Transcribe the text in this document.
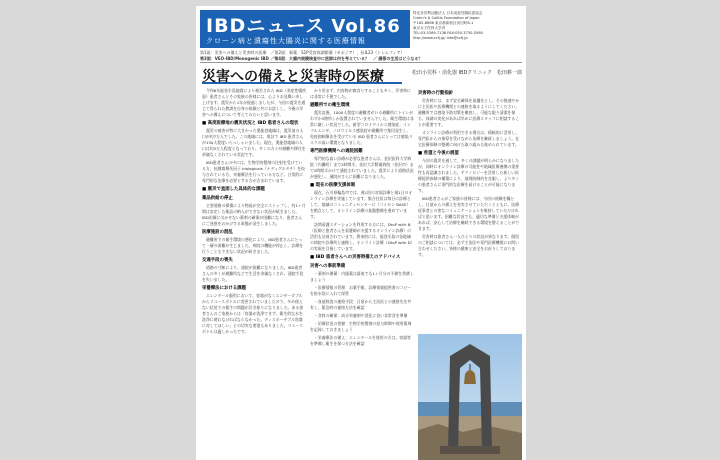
IBDニュース Vol.86
クローン病と潰瘍性大腸炎に関する医療情報
特定非営利活動法人 日本炎症性腸疾患協会
Crohn's & Colitis Foundation of Japan
〒162-8666 東京都新宿区河田町8-1
東京女子医科大学内
TEL:03-5269-7136 FAX:050-3730-5560
http://www.ccfj.jp/ info@ccfj.jp
第1面：災害への備えと災害時の医療　／第2面：新薬：S1P受容体調節薬（ゼポジア）、抗IL23（トレムフィア）
第3面：VEO-IBD/Monogenic IBD ／第4面：大腸内視鏡検査中に医師は何を考えている？　／ 腸管の生活はどうなる？
災害への備えと災害時の医療	松田小児科・消化器 IBDクリニック　松田耕一郎

令和6年能登半島地震により被災された IBD（炎症性腸疾患）患者さんとその家族の皆様には、心よりお見舞い申し上げます。震災から1年が経過しましたが、今回の震災を通じて得られた教訓を自身の体験と共にお話しし、今後の災害への備えについて考えてみたいと思います。

■ 高度医療地の震災状況と IBD 患者さんの現状

震災の被害が特に大きかった奥能登地域は、震災前の人口が約7万人でした。この地域には、推計で IBD 患者さんが130人程度いらっしゃいました。現在、奥能登地域の人口は約5万人程度となっており、多くの方々が避難や移住を余儀なくされている状況です。

IBD患者さんの中には、生物学的製剤の注射を受けている方、抗腫瘍壊死因子 biologicals（ナディグルタチ）を投与されている方、栄養療法を行っている方など、日常的に専門的な治療を必要とする方が含まれています。

■ 震災で直面した具体的な課題
薬品供給の停止

主要道路の損傷により物流が完全にストップし、約1ヶ月間は安定した薬品の納入ができない状況が続きました。IBD治療に欠かせない薬剤の確保が困難になり、患者さんにご迷惑をおかけする事態が発生しました。

医療施設の混乱

避難所での衛生環境の悪化により、IBD患者さんにとって一層の困難が生じました。病院の機能が停止し、診療を行うこともできない状況が続きました。

交通手段の喪失

道路の寸断により、通院が困難になりました。IBD患者さんの多くが避難所などで生活を余儀なくされ、通院手段を失いました。

栄養療法における課題

エレンタール服用において、容器がなくエンザーダブルからリユースボトルに変更されていましたので、多め使えない状況での衛生の問題が浮き彫りになりました。ある患者さんのご家族からは「容器が洗浄できず、衛生的な水を洗浄に使わなければならなかった。ディスポーザブル容器に対してほしい」との切実な要望もありました。リユースボトルは適しかったです。

かり用まず、内容物が腐食りすることも多く、災害時には非常に不便でした。

避難所での衛生環境

震災直後、1000人程度の避難者がいる避難所にトイレがわずか3箇所しか設置されていませんでした。衛生環境は非常に厳しい状況でした。新型コロナウイルス感染症、インフルエンザ、ノロウイルス感染症が避難所で集団発生し、免疫抑制療法を受けている IBD 患者さんにとっては感染リスクの高い環境となりました。

専門医療機関への通院困難

専門的な高い診療が必要な患者さんは、金沢医科大学病院（内灘町）まで2時間半、金沢大学附属病院（金沢市）まで2時間半かけて通院されていました。震災により道路状況が悪化し、通院がさらに困難になりました。

■ 現在の医療支援体制

現在、石川県輪島市では、週1回の対面診療と週1日のオンライン診療を実施しています。集合住居は毎日の診療として、地域のコミュニティセンターに（コミセン BASE）を拠点として、オンライン診療の基盤整備を進めています。

訪問看護ステーションを利用する方には、DtoP with N（医師と患者さんを看護師が支援するオンライン診療）の活用も計画されています。将来的には、能登半島の各地域の病院や診療所と連携し、オンライン診療（DtoP with D）の実現を目指しています。

■ IBD 患者さんへの災害時備えのアドバイス
災害への事前準備

・薬剤の備蓄：内服薬は最低でも1ヶ月分の予備を常備しましょう

・医療情報の管理：お薬手帳、診療情報提供書のコピーを防水袋に入れて保管

・血液検査の連絡手段：日頃から主治医との連絡先を共有し、緊急時の連絡方法を確認

・食料の確保：成分栄養剤や消化に良い非常食を準備

・治療状況の把握：生物学的製剤の投与時期や使用薬剤を記録しておきましょう

・栄養療法の備え：エレンタールを使用の方は、容器等を準備し衛生を保つ方法を確認

災害時の行動指針

災害時には、まず安全確保を最優先とし、その後速やかに主治医や医療機関との連絡を取るようにしてください。避難所では感染予防対策を徹底し、可能な限り清潔を保ち、体調の変化があれば早めに医療スタッフに相談することが重要です。

オンライン診療が利用できる場合は、積極的に活用し、専門医からの指導を受けながら治療を継続しましょう。在宅医療体制の整備に向けた取り組みも進められています。

■ 希望と今後の展望

今回の震災を通して、多くの課題が明らかになりましたが、同時にオンライン診療の可能性や地域医療連携の重要性も再認識されました。テクノロジーを活用した新しい医療提供体制の構築により、地理的制約を克服し、より多くの患者さんに専門的な医療を届けることが可能になります。

IBD患者さんがご家族の皆様には、今回の経験を糧とし、日頃からの備えを充実させていただくとともに、医療従事者との密なコミュニケーションを維持していただければと思います。困難な状況でも、適切な準備と支援体制があれば、安心して治療を継続できる環境を整えることができます。

災害時は患者さん一人ひとりの状況が異なります。個別のご相談については、必ず主治医や専門医療機関にお問い合わせください。皆様の健康と安全をお祈りしております。
